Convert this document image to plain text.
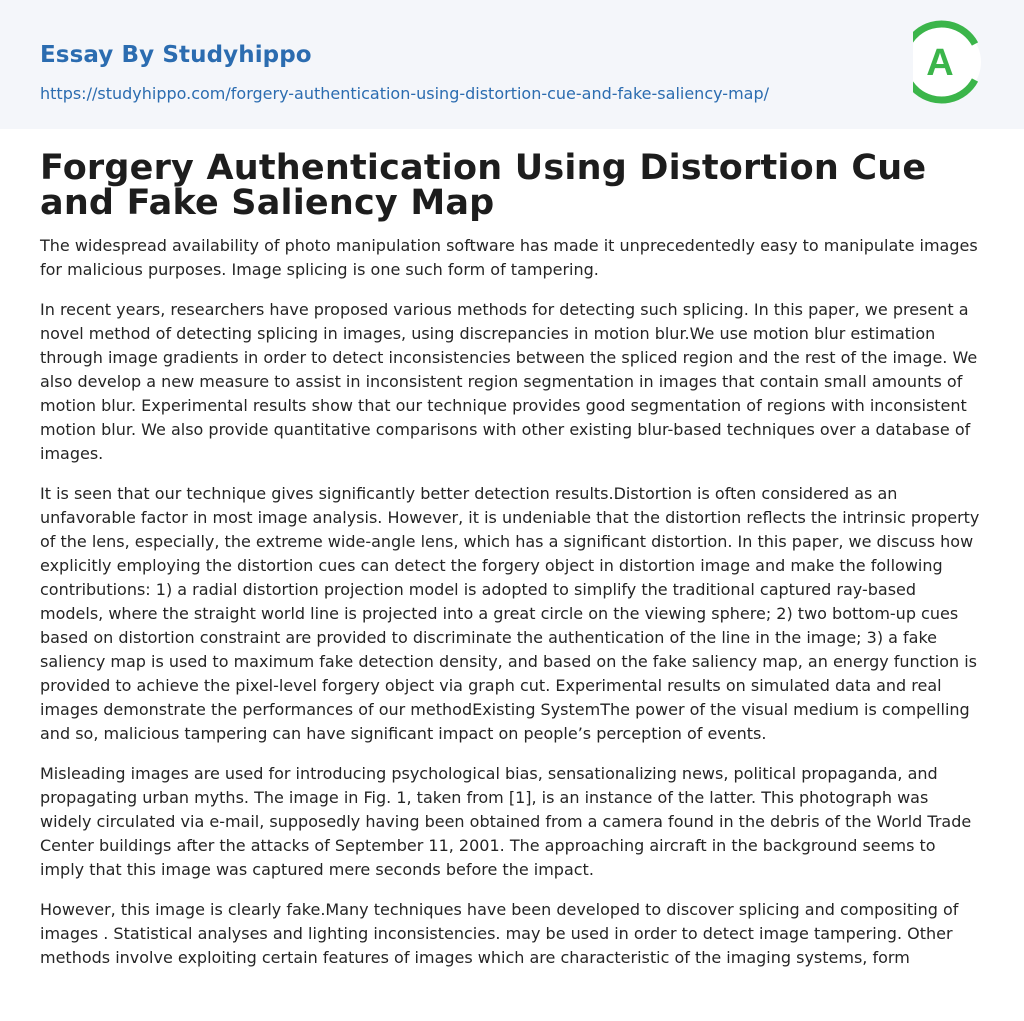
Essay By Studyhippo
https://studyhippo.com/forgery-authentication-using-distortion-cue-and-fake-saliency-map/
A
Forgery Authentication Using Distortion Cue and Fake Saliency Map

The widespread availability of photo manipulation software has made it unprecedentedly easy to manipulate images for malicious purposes. Image splicing is one such form of tampering.

In recent years, researchers have proposed various methods for detecting such splicing. In this paper, we present a novel method of detecting splicing in images, using discrepancies in motion blur.We use motion blur estimation through image gradients in order to detect inconsistencies between the spliced region and the rest of the image. We also develop a new measure to assist in inconsistent region segmentation in images that contain small amounts of motion blur. Experimental results show that our technique provides good segmentation of regions with inconsistent motion blur. We also provide quantitative comparisons with other existing blur-based techniques over a database of images.

It is seen that our technique gives significantly better detection results.Distortion is often considered as an unfavorable factor in most image analysis. However, it is undeniable that the distortion reflects the intrinsic property of the lens, especially, the extreme wide-angle lens, which has a significant distortion. In this paper, we discuss how explicitly employing the distortion cues can detect the forgery object in distortion image and make the following contributions: 1) a radial distortion projection model is adopted to simplify the traditional captured ray-based models, where the straight world line is projected into a great circle on the viewing sphere; 2) two bottom-up cues based on distortion constraint are provided to discriminate the authentication of the line in the image; 3) a fake saliency map is used to maximum fake detection density, and based on the fake saliency map, an energy function is provided to achieve the pixel-level forgery object via graph cut. Experimental results on simulated data and real images demonstrate the performances of our methodExisting SystemThe power of the visual medium is compelling and so, malicious tampering can have significant impact on people’s perception of events.

Misleading images are used for introducing psychological bias, sensationalizing news, political propaganda, and propagating urban myths. The image in Fig. 1, taken from [1], is an instance of the latter. This photograph was widely circulated via e-mail, supposedly having been obtained from a camera found in the debris of the World Trade Center buildings after the attacks of September 11, 2001. The approaching aircraft in the background seems to imply that this image was captured mere seconds before the impact.

However, this image is clearly fake.Many techniques have been developed to discover splicing and compositing of images . Statistical analyses and lighting inconsistencies. may be used in order to detect image tampering. Other methods involve exploiting certain features of images which are characteristic of the imaging systems, form
